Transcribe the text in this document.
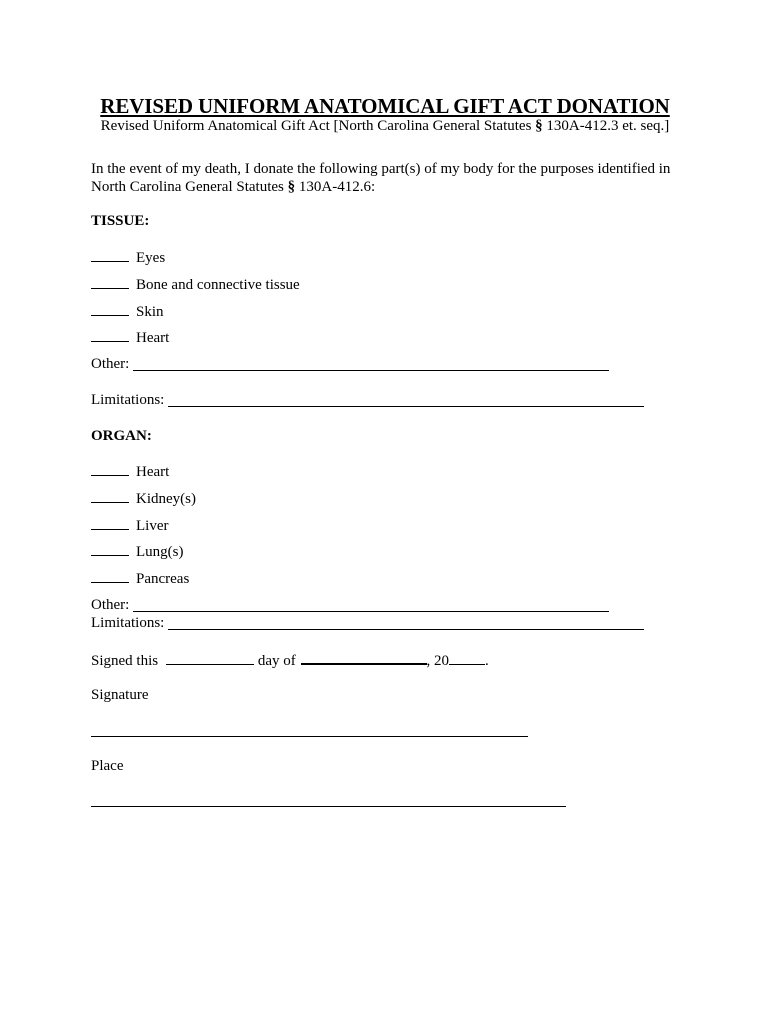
REVISED UNIFORM ANATOMICAL GIFT ACT DONATION
Revised Uniform Anatomical Gift Act [North Carolina General Statutes § 130A-412.3 et. seq.]
In the event of my death, I donate the following part(s) of my body for the purposes identified in
North Carolina General Statutes § 130A-412.6:
TISSUE:
Eyes
Bone and connective tissue
Skin
Heart
Other:
Limitations:
ORGAN:
Heart
Kidney(s)
Liver
Lung(s)
Pancreas
Other:
Limitations:
Signed this	day of	, 20 .
Signature
Place
